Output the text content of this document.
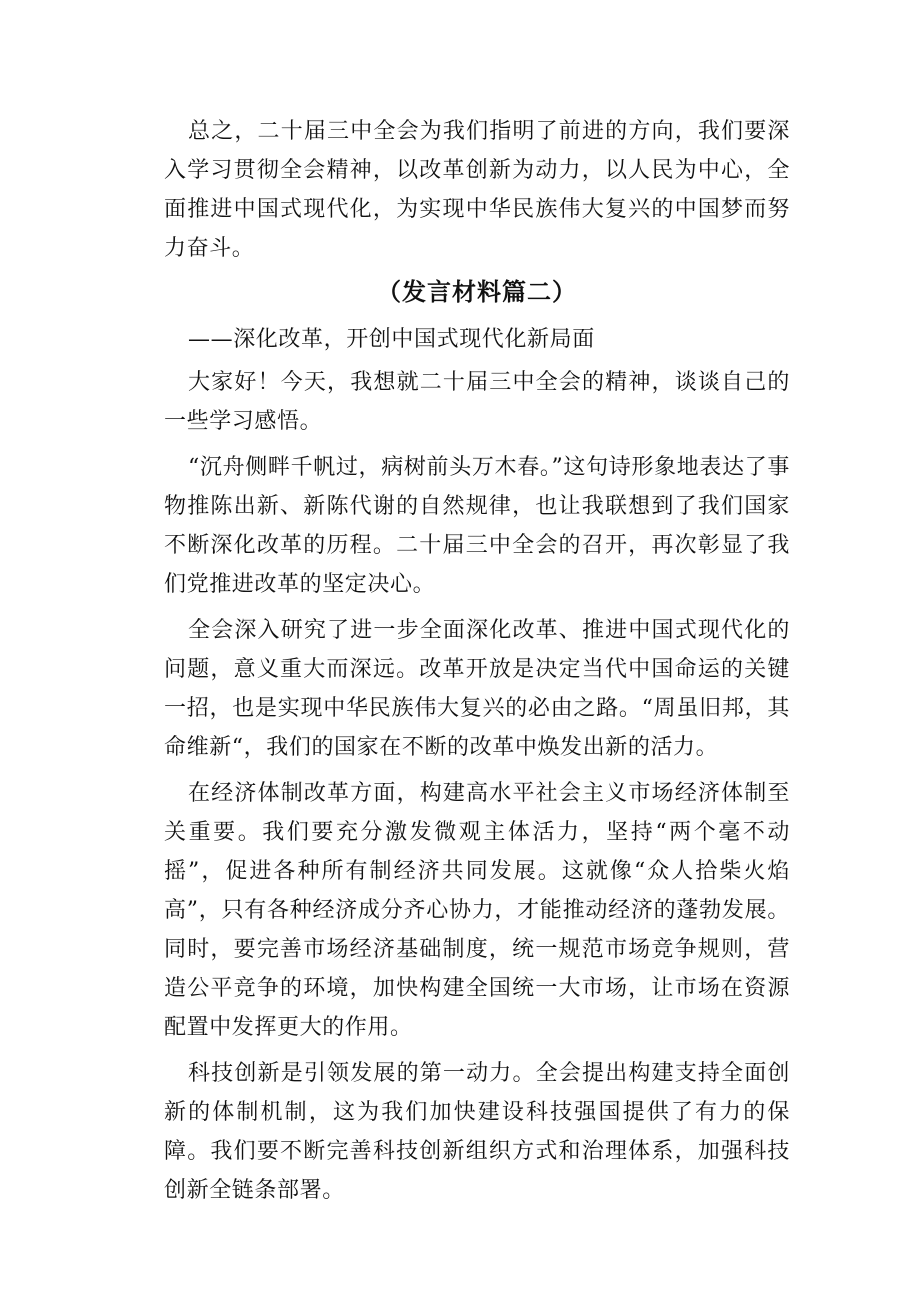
总之，二十届三中全会为我们指明了前进的方向，我们要深入学习贯彻全会精神，以改革创新为动力，以人民为中心，全面推进中国式现代化，为实现中华民族伟大复兴的中国梦而努力奋斗。

（发言材料篇二）

——深化改革，开创中国式现代化新局面

大家好！今天，我想就二十届三中全会的精神，谈谈自己的一些学习感悟。

“沉舟侧畔千帆过，病树前头万木春。”这句诗形象地表达了事物推陈出新、新陈代谢的自然规律，也让我联想到了我们国家不断深化改革的历程。二十届三中全会的召开，再次彰显了我们党推进改革的坚定决心。

全会深入研究了进一步全面深化改革、推进中国式现代化的问题，意义重大而深远。改革开放是决定当代中国命运的关键一招，也是实现中华民族伟大复兴的必由之路。“周虽旧邦，其命维新“，我们的国家在不断的改革中焕发出新的活力。

在经济体制改革方面，构建高水平社会主义市场经济体制至关重要。我们要充分激发微观主体活力，坚持“两个毫不动摇”，促进各种所有制经济共同发展。这就像“众人拾柴火焰高”，只有各种经济成分齐心协力，才能推动经济的蓬勃发展。同时，要完善市场经济基础制度，统一规范市场竞争规则，营造公平竞争的环境，加快构建全国统一大市场，让市场在资源配置中发挥更大的作用。

科技创新是引领发展的第一动力。全会提出构建支持全面创新的体制机制，这为我们加快建设科技强国提供了有力的保障。我们要不断完善科技创新组织方式和治理体系，加强科技创新全链条部署。
